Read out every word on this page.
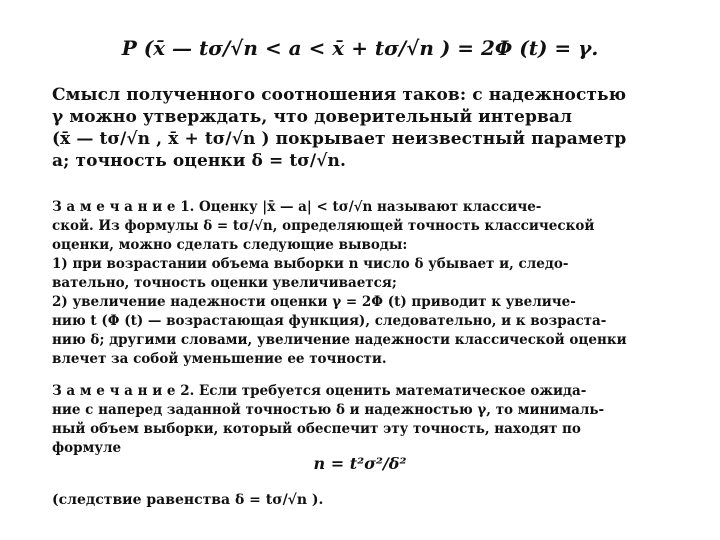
P (x̄ — tσ/√n < a < x̄ + tσ/√n ) = 2Φ (t) = γ.
Смысл полученного соотношения таков: с надежностью
γ можно утверждать, что доверительный интервал
(x̄ — tσ/√n , x̄ + tσ/√n ) покрывает неизвестный параметр
a; точность оценки δ = tσ/√n.
З а м е ч а н и е 1. Оценку |x̄ — a| < tσ/√n называют классиче-
ской. Из формулы δ = tσ/√n, определяющей точность классической
оценки, можно сделать следующие выводы:
1) при возрастании объема выборки n число δ убывает и, следо-
вательно, точность оценки увеличивается;
2) увеличение надежности оценки γ = 2Φ (t) приводит к увеличе-
нию t (Φ (t) — возрастающая функция), следовательно, и к возраста-
нию δ; другими словами, увеличение надежности классической оценки
влечет за собой уменьшение ее точности.
З а м е ч а н и е 2. Если требуется оценить математическое ожида-
ние с наперед заданной точностью δ и надежностью γ, то минималь-
ный объем выборки, который обеспечит эту точность, находят по
формуле
n = t²σ²/δ²
(следствие равенства δ = tσ/√n ).
